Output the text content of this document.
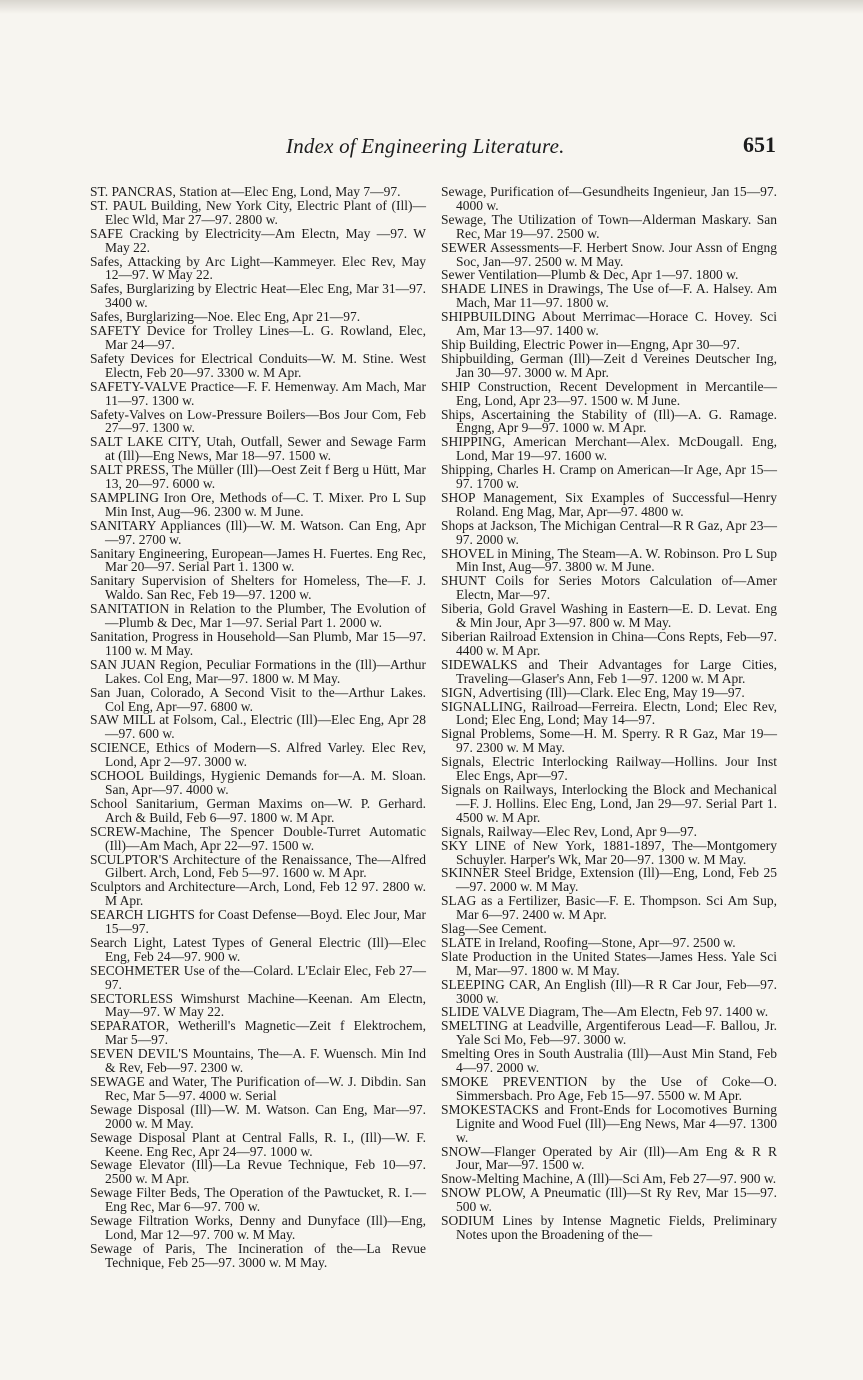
Index of Engineering Literature.	651
ST. PANCRAS, Station at—Elec Eng, Lond, May 7—97.
ST. PAUL Building, New York City, Electric Plant of (Ill)—Elec Wld, Mar 27—97. 2800 w.
SAFE Cracking by Electricity—Am Electn, May —97. W May 22.
Safes, Attacking by Arc Light—Kammeyer. Elec Rev, May 12—97. W May 22.
Safes, Burglarizing by Electric Heat—Elec Eng, Mar 31—97. 3400 w.
Safes, Burglarizing—Noe. Elec Eng, Apr 21—97.
SAFETY Device for Trolley Lines—L. G. Rowland, Elec, Mar 24—97.
Safety Devices for Electrical Conduits—W. M. Stine. West Electn, Feb 20—97. 3300 w. M Apr.
SAFETY-VALVE Practice—F. F. Hemenway. Am Mach, Mar 11—97. 1300 w.
Safety-Valves on Low-Pressure Boilers—Bos Jour Com, Feb 27—97. 1300 w.
SALT LAKE CITY, Utah, Outfall, Sewer and Sewage Farm at (Ill)—Eng News, Mar 18—97. 1500 w.
SALT PRESS, The Müller (Ill)—Oest Zeit f Berg u Hütt, Mar 13, 20—97. 6000 w.
SAMPLING Iron Ore, Methods of—C. T. Mixer. Pro L Sup Min Inst, Aug—96. 2300 w. M June.
SANITARY Appliances (Ill)—W. M. Watson. Can Eng, Apr—97. 2700 w.
Sanitary Engineering, European—James H. Fuertes. Eng Rec, Mar 20—97. Serial Part 1. 1300 w.
Sanitary Supervision of Shelters for Homeless, The—F. J. Waldo. San Rec, Feb 19—97. 1200 w.
SANITATION in Relation to the Plumber, The Evolution of—Plumb & Dec, Mar 1—97. Serial Part 1. 2000 w.
Sanitation, Progress in Household—San Plumb, Mar 15—97. 1100 w. M May.
SAN JUAN Region, Peculiar Formations in the (Ill)—Arthur Lakes. Col Eng, Mar—97. 1800 w. M May.
San Juan, Colorado, A Second Visit to the—Arthur Lakes. Col Eng, Apr—97. 6800 w.
SAW MILL at Folsom, Cal., Electric (Ill)—Elec Eng, Apr 28—97. 600 w.
SCIENCE, Ethics of Modern—S. Alfred Varley. Elec Rev, Lond, Apr 2—97. 3000 w.
SCHOOL Buildings, Hygienic Demands for—A. M. Sloan. San, Apr—97. 4000 w.
School Sanitarium, German Maxims on—W. P. Gerhard. Arch & Build, Feb 6—97. 1800 w. M Apr.
SCREW-Machine, The Spencer Double-Turret Automatic (Ill)—Am Mach, Apr 22—97. 1500 w.
SCULPTOR'S Architecture of the Renaissance, The—Alfred Gilbert. Arch, Lond, Feb 5—97. 1600 w. M Apr.
Sculptors and Architecture—Arch, Lond, Feb 12 97. 2800 w. M Apr.
SEARCH LIGHTS for Coast Defense—Boyd. Elec Jour, Mar 15—97.
Search Light, Latest Types of General Electric (Ill)—Elec Eng, Feb 24—97. 900 w.
SECOHMETER Use of the—Colard. L'Eclair Elec, Feb 27—97.
SECTORLESS Wimshurst Machine—Keenan. Am Electn, May—97. W May 22.
SEPARATOR, Wetherill's Magnetic—Zeit f Elektrochem, Mar 5—97.
SEVEN DEVIL'S Mountains, The—A. F. Wuensch. Min Ind & Rev, Feb—97. 2300 w.
SEWAGE and Water, The Purification of—W. J. Dibdin. San Rec, Mar 5—97. 4000 w. Serial
Sewage Disposal (Ill)—W. M. Watson. Can Eng, Mar—97. 2000 w. M May.
Sewage Disposal Plant at Central Falls, R. I., (Ill)—W. F. Keene. Eng Rec, Apr 24—97. 1000 w.
Sewage Elevator (Ill)—La Revue Technique, Feb 10—97. 2500 w. M Apr.
Sewage Filter Beds, The Operation of the Pawtucket, R. I.—Eng Rec, Mar 6—97. 700 w.
Sewage Filtration Works, Denny and Dunyface (Ill)—Eng, Lond, Mar 12—97. 700 w. M May.
Sewage of Paris, The Incineration of the—La Revue Technique, Feb 25—97. 3000 w. M May.
Sewage, Purification of—Gesundheits Ingenieur, Jan 15—97. 4000 w.
Sewage, The Utilization of Town—Alderman Maskary. San Rec, Mar 19—97. 2500 w.
SEWER Assessments—F. Herbert Snow. Jour Assn of Engng Soc, Jan—97. 2500 w. M May.
Sewer Ventilation—Plumb & Dec, Apr 1—97. 1800 w.
SHADE LINES in Drawings, The Use of—F. A. Halsey. Am Mach, Mar 11—97. 1800 w.
SHIPBUILDING About Merrimac—Horace C. Hovey. Sci Am, Mar 13—97. 1400 w.
Ship Building, Electric Power in—Engng, Apr 30—97.
Shipbuilding, German (Ill)—Zeit d Vereines Deutscher Ing, Jan 30—97. 3000 w. M Apr.
SHIP Construction, Recent Development in Mercantile—Eng, Lond, Apr 23—97. 1500 w. M June.
Ships, Ascertaining the Stability of (Ill)—A. G. Ramage. Engng, Apr 9—97. 1000 w. M Apr.
SHIPPING, American Merchant—Alex. McDougall. Eng, Lond, Mar 19—97. 1600 w.
Shipping, Charles H. Cramp on American—Ir Age, Apr 15—97. 1700 w.
SHOP Management, Six Examples of Successful—Henry Roland. Eng Mag, Mar, Apr—97. 4800 w.
Shops at Jackson, The Michigan Central—R R Gaz, Apr 23—97. 2000 w.
SHOVEL in Mining, The Steam—A. W. Robinson. Pro L Sup Min Inst, Aug—97. 3800 w. M June.
SHUNT Coils for Series Motors Calculation of—Amer Electn, Mar—97.
Siberia, Gold Gravel Washing in Eastern—E. D. Levat. Eng & Min Jour, Apr 3—97. 800 w. M May.
Siberian Railroad Extension in China—Cons Repts, Feb—97. 4400 w. M Apr.
SIDEWALKS and Their Advantages for Large Cities, Traveling—Glaser's Ann, Feb 1—97. 1200 w. M Apr.
SIGN, Advertising (Ill)—Clark. Elec Eng, May 19—97.
SIGNALLING, Railroad—Ferreira. Electn, Lond; Elec Rev, Lond; Elec Eng, Lond; May 14—97.
Signal Problems, Some—H. M. Sperry. R R Gaz, Mar 19—97. 2300 w. M May.
Signals, Electric Interlocking Railway—Hollins. Jour Inst Elec Engs, Apr—97.
Signals on Railways, Interlocking the Block and Mechanical—F. J. Hollins. Elec Eng, Lond, Jan 29—97. Serial Part 1. 4500 w. M Apr.
Signals, Railway—Elec Rev, Lond, Apr 9—97.
SKY LINE of New York, 1881-1897, The—Montgomery Schuyler. Harper's Wk, Mar 20—97. 1300 w. M May.
SKINNER Steel Bridge, Extension (Ill)—Eng, Lond, Feb 25—97. 2000 w. M May.
SLAG as a Fertilizer, Basic—F. E. Thompson. Sci Am Sup, Mar 6—97. 2400 w. M Apr.
Slag—See Cement.
SLATE in Ireland, Roofing—Stone, Apr—97. 2500 w.
Slate Production in the United States—James Hess. Yale Sci M, Mar—97. 1800 w. M May.
SLEEPING CAR, An English (Ill)—R R Car Jour, Feb—97. 3000 w.
SLIDE VALVE Diagram, The—Am Electn, Feb 97. 1400 w.
SMELTING at Leadville, Argentiferous Lead—F. Ballou, Jr. Yale Sci Mo, Feb—97. 3000 w.
Smelting Ores in South Australia (Ill)—Aust Min Stand, Feb 4—97. 2000 w.
SMOKE PREVENTION by the Use of Coke—O. Simmersbach. Pro Age, Feb 15—97. 5500 w. M Apr.
SMOKESTACKS and Front-Ends for Locomotives Burning Lignite and Wood Fuel (Ill)—Eng News, Mar 4—97. 1300 w.
SNOW—Flanger Operated by Air (Ill)—Am Eng & R R Jour, Mar—97. 1500 w.
Snow-Melting Machine, A (Ill)—Sci Am, Feb 27—97. 900 w.
SNOW PLOW, A Pneumatic (Ill)—St Ry Rev, Mar 15—97. 500 w.
SODIUM Lines by Intense Magnetic Fields, Preliminary Notes upon the Broadening of the—
